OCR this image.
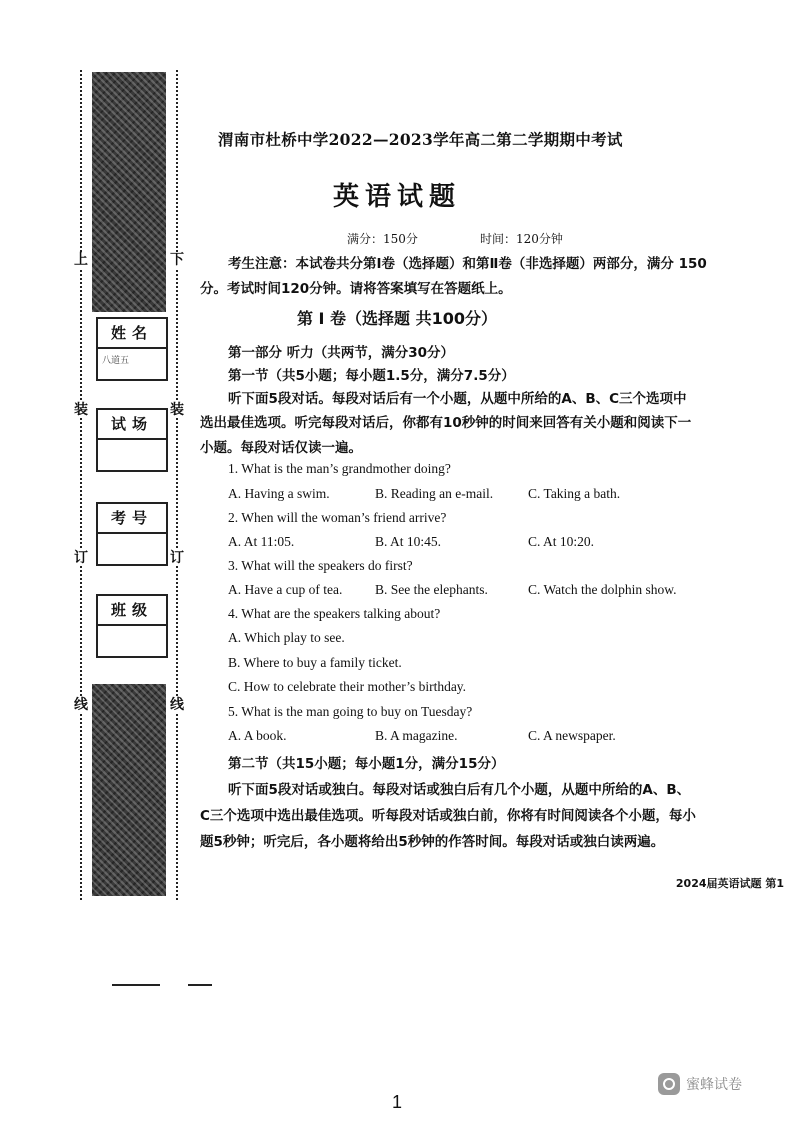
上
装
订
线
下
装
订
线
姓名
八道五
试场
考号
班级
渭南市杜桥中学2022—2023学年高二第二学期期中考试
英语试题
满分：150分	时间：120分钟
考生注意：本试卷共分第Ⅰ卷（选择题）和第Ⅱ卷（非选择题）两部分，满分 150
分。考试时间120分钟。请将答案填写在答题纸上。
第 I 卷（选择题 共100分）
第一部分 听力（共两节，满分30分）
第一节（共5小题；每小题1.5分，满分7.5分）
听下面5段对话。每段对话后有一个小题，从题中所给的A、B、C三个选项中
选出最佳选项。听完每段对话后，你都有10秒钟的时间来回答有关小题和阅读下一
小题。每段对话仅读一遍。
1. What is the man’s grandmother doing?
A. Having a swim.	B. Reading an e-mail.	C. Taking a bath.
2. When will the woman’s friend arrive?
A. At 11:05.	B. At 10:45.	C. At 10:20.
3. What will the speakers do first?
A. Have a cup of tea. B. See the elephants.	C. Watch the dolphin show.
4. What are the speakers talking about?
A. Which play to see.
B. Where to buy a family ticket.
C. How to celebrate their mother’s birthday.
5. What is the man going to buy on Tuesday?
A. A book.	B. A magazine.	C. A newspaper.
第二节（共15小题；每小题1分，满分15分）
听下面5段对话或独白。每段对话或独白后有几个小题，从题中所给的A、B、
C三个选项中选出最佳选项。听每段对话或独白前，你将有时间阅读各个小题，每小
题5秒钟；听完后，各小题将给出5秒钟的作答时间。每段对话或独白读两遍。
2024届英语试题 第1
1
蜜蜂试卷
